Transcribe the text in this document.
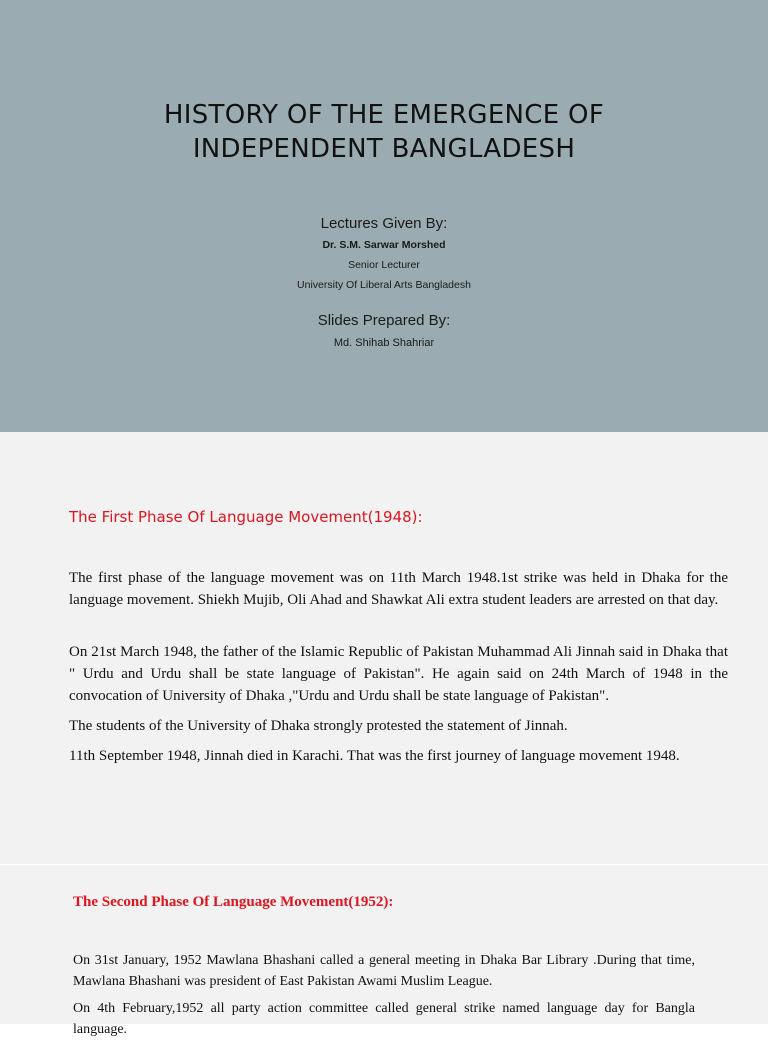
HISTORY OF THE EMERGENCE OF
INDEPENDENT BANGLADESH
Lectures Given By:
Dr. S.M. Sarwar Morshed
Senior Lecturer
University Of Liberal Arts Bangladesh
Slides Prepared By:
Md. Shihab Shahriar
The First Phase Of Language Movement(1948):

The first phase of the language movement was on 11th March 1948.1st strike was held in Dhaka for the language movement. Shiekh Mujib, Oli Ahad and Shawkat Ali extra student leaders are arrested on that day.

On 21st March 1948, the father of the Islamic Republic of Pakistan Muhammad Ali Jinnah said in Dhaka that " Urdu and Urdu shall be state language of Pakistan". He again said on 24th March of 1948 in the convocation of University of Dhaka ,"Urdu and Urdu shall be state language of Pakistan".

The students of the University of Dhaka strongly protested the statement of Jinnah.

11th September 1948, Jinnah died in Karachi. That was the first journey of language movement 1948.

The Second Phase Of Language Movement(1952):

On 31st January, 1952 Mawlana Bhashani called a general meeting in Dhaka Bar Library .During that time, Mawlana Bhashani was president of East Pakistan Awami Muslim League.

On 4th February,1952 all party action committee called general strike named language day for Bangla language.
